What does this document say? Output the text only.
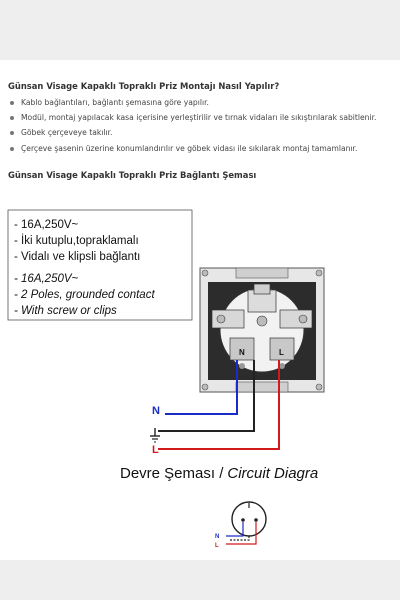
Günsan Visage Kapaklı Topraklı Priz Montajı Nasıl Yapılır?
Kablo bağlantıları, bağlantı şemasına göre yapılır.
Modül, montaj yapılacak kasa içerisine yerleştirilir ve tırnak vidaları ile sıkıştırılarak sabitlenir.
Göbek çerçeveye takılır.
Çerçeve şasenin üzerine konumlandırılır ve göbek vidası ile sıkılarak montaj tamamlanır.
Günsan Visage Kapaklı Topraklı Priz Bağlantı Şeması
- 16A,250V~
- İki kutuplu,topraklamalı
- Vidalı ve klipsli bağlantı
- 16A,250V~
- 2 Poles, grounded contact
- With screw or clips
N	L
N
L
Devre Şeması / Circuit Diagra
N
L
